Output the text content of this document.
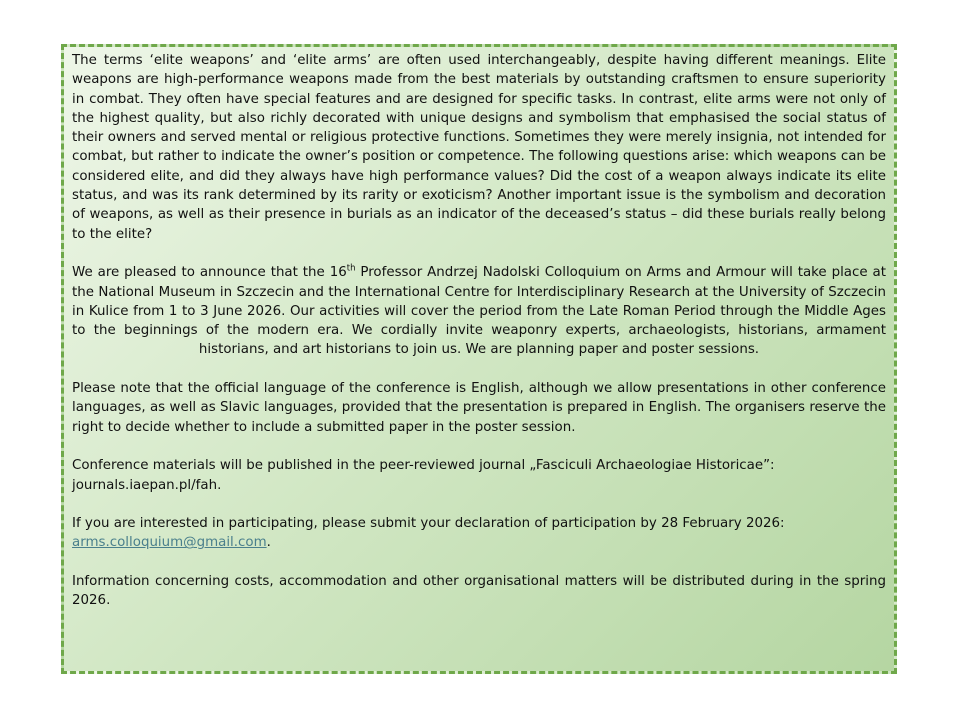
The terms ‘elite weapons’ and ‘elite arms’ are often used interchangeably, despite having different meanings. Elite weapons are high-performance weapons made from the best materials by outstanding craftsmen to ensure superiority in combat. They often have special features and are designed for specific tasks. In contrast, elite arms were not only of the highest quality, but also richly decorated with unique designs and symbolism that emphasised the social status of their owners and served mental or religious protective functions. Sometimes they were merely insignia, not intended for combat, but rather to indicate the owner’s position or competence. The following questions arise: which weapons can be considered elite, and did they always have high performance values? Did the cost of a weapon always indicate its elite status, and was its rank determined by its rarity or exoticism? Another important issue is the symbolism and decoration of weapons, as well as their presence in burials as an indicator of the deceased’s status – did these burials really belong to the elite?

We are pleased to announce that the 16th Professor Andrzej Nadolski Colloquium on Arms and Armour will take place at the National Museum in Szczecin and the International Centre for Interdisciplinary Research at the University of Szczecin in Kulice from 1 to 3 June 2026. Our activities will cover the period from the Late Roman Period through the Middle Ages to the beginnings of the modern era. We cordially invite weaponry experts, archaeologists, historians, armament historians, and art historians to join us. We are planning paper and poster sessions.

Please note that the official language of the conference is English, although we allow presentations in other conference languages, as well as Slavic languages, provided that the presentation is prepared in English. The organisers reserve the right to decide whether to include a submitted paper in the poster session.

Conference materials will be published in the peer-reviewed journal „Fasciculi Archaeologiae Historicae”:
journals.iaepan.pl/fah.

If you are interested in participating, please submit your declaration of participation by 28 February 2026:
arms.colloquium@gmail.com.

Information concerning costs, accommodation and other organisational matters will be distributed during in the spring 2026.
